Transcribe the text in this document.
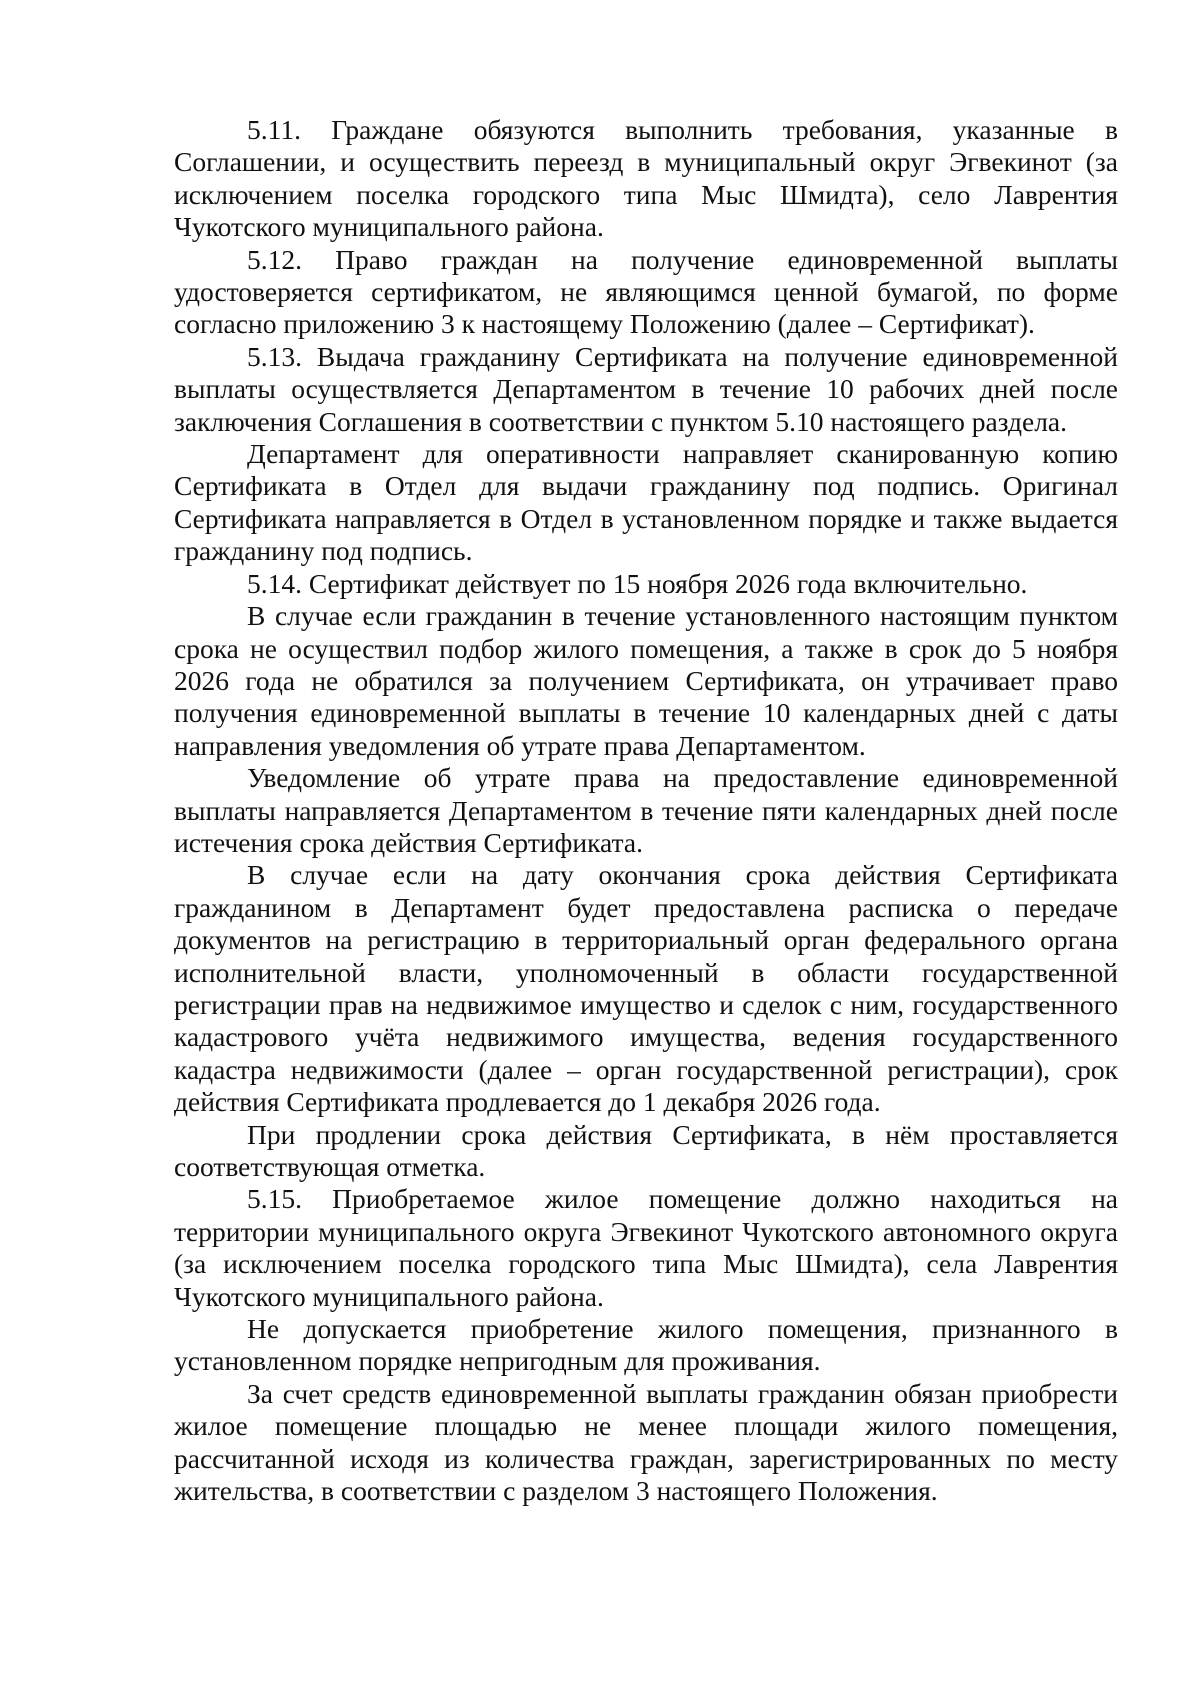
5.11. Граждане обязуются выполнить требования, указанные в Соглашении, и осуществить переезд в муниципальный округ Эгвекинот (за исключением поселка городского типа Мыс Шмидта), село Лаврентия Чукотского муниципального района.

5.12. Право граждан на получение единовременной выплаты удостоверяется сертификатом, не являющимся ценной бумагой, по форме согласно приложению 3 к настоящему Положению (далее – Сертификат).

5.13. Выдача гражданину Сертификата на получение единовременной выплаты осуществляется Департаментом в течение 10 рабочих дней после заключения Соглашения в соответствии с пунктом 5.10 настоящего раздела.

Департамент для оперативности направляет сканированную копию Сертификата в Отдел для выдачи гражданину под подпись. Оригинал Сертификата направляется в Отдел в установленном порядке и также выдается гражданину под подпись.

5.14. Сертификат действует по 15 ноября 2026 года включительно.

В случае если гражданин в течение установленного настоящим пунктом срока не осуществил подбор жилого помещения, а также в срок до 5 ноября 2026 года не обратился за получением Сертификата, он утрачивает право получения единовременной выплаты в течение 10 календарных дней с даты направления уведомления об утрате права Департаментом.

Уведомление об утрате права на предоставление единовременной выплаты направляется Департаментом в течение пяти календарных дней после истечения срока действия Сертификата.

В случае если на дату окончания срока действия Сертификата гражданином в Департамент будет предоставлена расписка о передаче документов на регистрацию в территориальный орган федерального органа исполнительной власти, уполномоченный в области государственной регистрации прав на недвижимое имущество и сделок с ним, государственного кадастрового учёта недвижимого имущества, ведения государственного кадастра недвижимости (далее – орган государственной регистрации), срок действия Сертификата продлевается до 1 декабря 2026 года.

При продлении срока действия Сертификата, в нём проставляется соответствующая отметка.

5.15. Приобретаемое жилое помещение должно находиться на территории муниципального округа Эгвекинот Чукотского автономного округа (за исключением поселка городского типа Мыс Шмидта), села Лаврентия Чукотского муниципального района.

Не допускается приобретение жилого помещения, признанного в установленном порядке непригодным для проживания.

За счет средств единовременной выплаты гражданин обязан приобрести жилое помещение площадью не менее площади жилого помещения, рассчитанной исходя из количества граждан, зарегистрированных по месту жительства, в соответствии с разделом 3 настоящего Положения.
